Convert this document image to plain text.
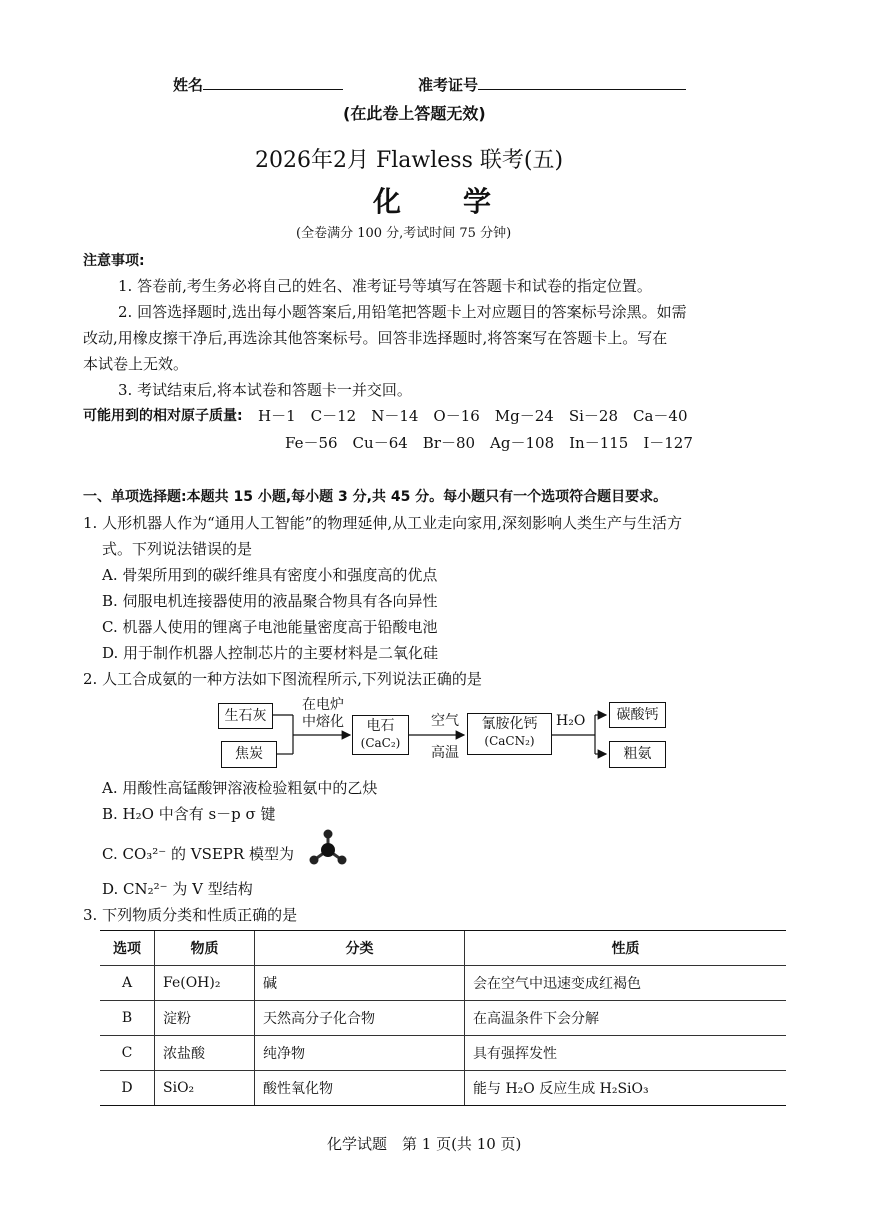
姓名	准考证号
(在此卷上答题无效)
2026年2月 Flawless 联考(五)
化　　学
(全卷满分 100 分,考试时间 75 分钟)
注意事项:
1. 答卷前,考生务必将自己的姓名、准考证号等填写在答题卡和试卷的指定位置。
2. 回答选择题时,选出每小题答案后,用铅笔把答题卡上对应题目的答案标号涂黑。如需
改动,用橡皮擦干净后,再选涂其他答案标号。回答非选择题时,将答案写在答题卡上。写在
本试卷上无效。
3. 考试结束后,将本试卷和答题卡一并交回。
可能用到的相对原子质量: H－1　C－12　N－14　O－16　Mg－24　Si－28　Ca－40
Fe－56　Cu－64　Br－80　Ag－108　In－115　I－127
一、单项选择题:本题共 15 小题,每小题 3 分,共 45 分。每小题只有一个选项符合题目要求。
1. 人形机器人作为“通用人工智能”的物理延伸,从工业走向家用,深刻影响人类生产与生活方
式。下列说法错误的是
A. 骨架所用到的碳纤维具有密度小和强度高的优点
B. 伺服电机连接器使用的液晶聚合物具有各向异性
C. 机器人使用的锂离子电池能量密度高于铅酸电池
D. 用于制作机器人控制芯片的主要材料是二氧化硅
2. 人工合成氨的一种方法如下图流程所示,下列说法正确的是
生石灰
焦炭
在电炉
中熔化	电石
(CaC₂)
空气
高温
氰胺化钙
(CaCN₂)
H₂O	碳酸钙
粗氨
A. 用酸性高锰酸钾溶液检验粗氨中的乙炔
B. H₂O 中含有 s－p σ 键
C. CO₃²⁻ 的 VSEPR 模型为
D. CN₂²⁻ 为 V 型结构
3. 下列物质分类和性质正确的是
选项	物质	分类	性质
A	Fe(OH)₂	碱	会在空气中迅速变成红褐色
B	淀粉	天然高分子化合物	在高温条件下会分解
C	浓盐酸	纯净物	具有强挥发性
D	SiO₂	酸性氧化物	能与 H₂O 反应生成 H₂SiO₃
化学试题　第 1 页(共 10 页)
